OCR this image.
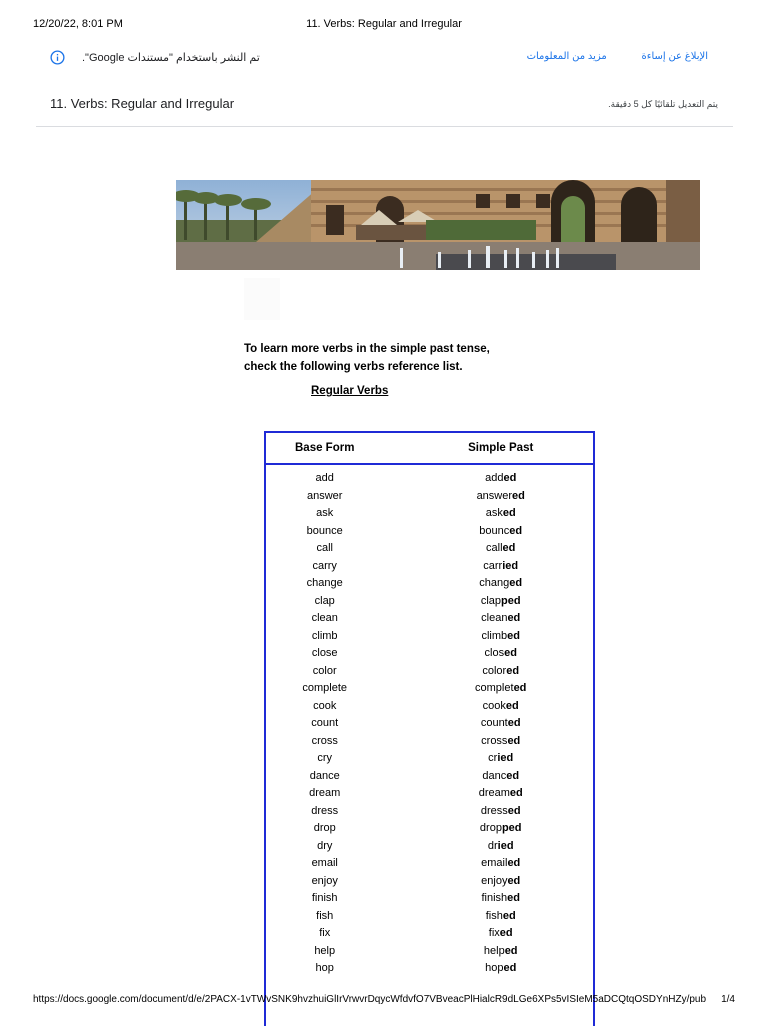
12/20/22, 8:01 PM	11. Verbs: Regular and Irregular
تم النشر باستخدام "مستندات Google".	الإبلاغ عن إساءة مزيد من المعلومات
11. Verbs: Regular and Irregular	يتم التعديل تلقائيًا كل 5 دقيقة.
To learn more verbs in the simple past tense,
check the following verbs reference list.
Regular Verbs
Base Form	Simple Past
add	added
answer	answered
ask	asked
bounce	bounced
call	called
carry	carried
change	changed
clap	clapped
clean	cleaned
climb	climbed
close	closed
color	colored
complete	completed
cook	cooked
count	counted
cross	crossed
cry	cried
dance	danced
dream	dreamed
dress	dressed
drop	dropped
dry	dried
email	emailed
enjoy	enjoyed
finish	finished
fish	fished
fix	fixed
help	helped
hop	hoped
https://docs.google.com/document/d/e/2PACX-1vTWvSNK9hvzhuiGlIrVrwvrDqycWfdvfO7VBveacPlHialcR9dLGe6XPs5vISIeM5aDCQtqOSDYnHZy/pub 1/4
